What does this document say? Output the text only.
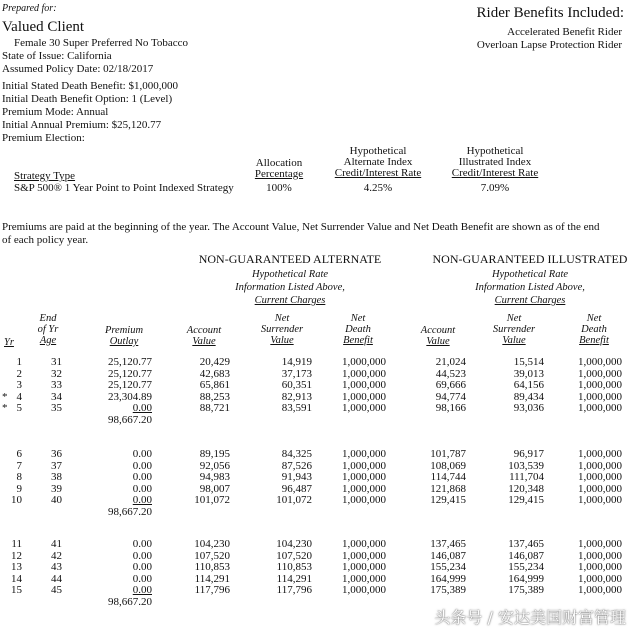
Prepared for:
Valued Client
Female 30 Super Preferred No Tobacco
State of Issue: California
Assumed Policy Date: 02/18/2017
Rider Benefits Included:
Accelerated Benefit Rider
Overloan Lapse Protection Rider
Initial Stated Death Benefit: $1,000,000
Initial Death Benefit Option: 1 (Level)
Premium Mode: Annual
Initial Annual Premium: $25,120.77
Premium Election:
Strategy Type
S&P 500® 1 Year Point to Point Indexed Strategy
Allocation
Percentage
100%
Hypothetical
Alternate Index
Credit/Interest Rate
4.25%
Hypothetical
Illustrated Index
Credit/Interest Rate
7.09%
Premiums are paid at the beginning of the year. The Account Value, Net Surrender Value and Net Death Benefit are shown as of the end
of each policy year.
NON-GUARANTEED ALTERNATE
Hypothetical Rate
Information Listed Above,
Current Charges
NON-GUARANTEED ILLUSTRATED
Hypothetical Rate
Information Listed Above,
Current Charges
Yr
End
of Yr
Age
Premium
Outlay
Account
Value
Net
Surrender
Value
Net
Death
Benefit
Account
Value
Net
Surrender
Value
Net
Death
Benefit
*
*
1
2
3
4
5
31
32
33
34
35
25,120.77
25,120.77
25,120.77
23,304.89
0.00
20,429
42,683
65,861
88,253
88,721
14,919
37,173
60,351
82,913
83,591
1,000,000
1,000,000
1,000,000
1,000,000
1,000,000
21,024
44,523
69,666
94,774
98,166
15,514
39,013
64,156
89,434
93,036
1,000,000
1,000,000
1,000,000
1,000,000
1,000,000
98,667.20
6
7
8
9
10
36
37
38
39
40
0.00
0.00
0.00
0.00
0.00
89,195
92,056
94,983
98,007
101,072
84,325
87,526
91,943
96,487
101,072
1,000,000
1,000,000
1,000,000
1,000,000
1,000,000
101,787
108,069
114,744
121,868
129,415
96,917
103,539
111,704
120,348
129,415
1,000,000
1,000,000
1,000,000
1,000,000
1,000,000
98,667.20
11
12
13
14
15
41
42
43
44
45
0.00
0.00
0.00
0.00
0.00
104,230
107,520
110,853
114,291
117,796
104,230
107,520
110,853
114,291
117,796
1,000,000
1,000,000
1,000,000
1,000,000
1,000,000
137,465
146,087
155,234
164,999
175,389
137,465
146,087
155,234
164,999
175,389
1,000,000
1,000,000
1,000,000
1,000,000
1,000,000
98,667.20
头条号 / 安达美国财富管理
